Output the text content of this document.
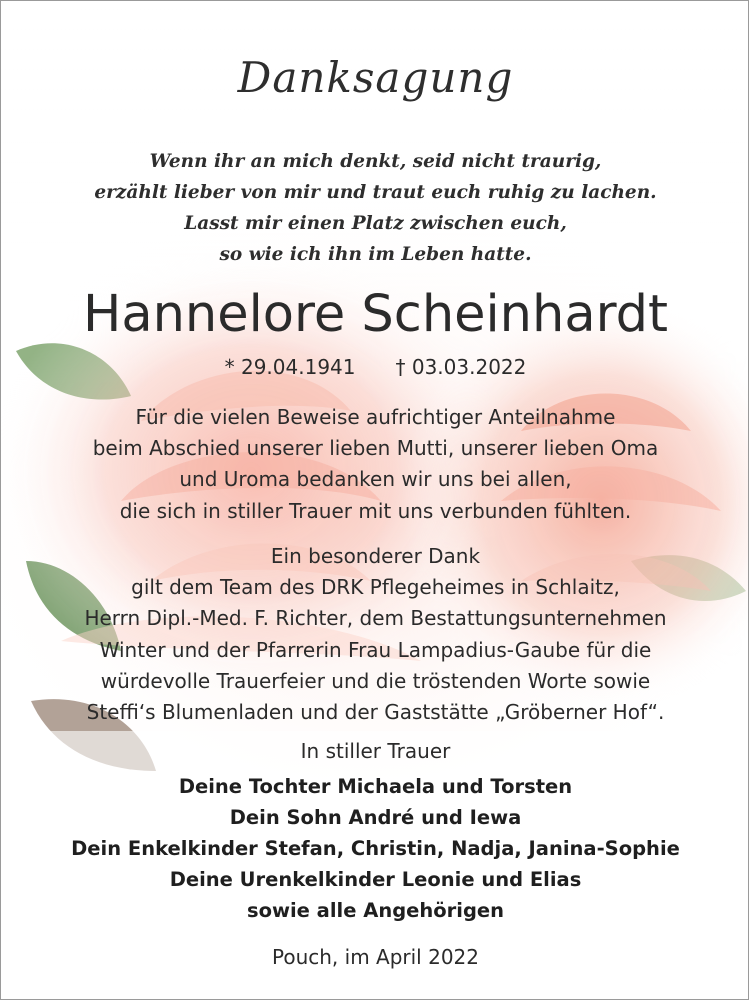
Danksagung
Wenn ihr an mich denkt, seid nicht traurig,
erzählt lieber von mir und traut euch ruhig zu lachen.
Lasst mir einen Platz zwischen euch,
so wie ich ihn im Leben hatte.
Hannelore Scheinhardt
* 29.04.1941 † 03.03.2022
Für die vielen Beweise aufrichtiger Anteilnahme
beim Abschied unserer lieben Mutti, unserer lieben Oma
und Uroma bedanken wir uns bei allen,
die sich in stiller Trauer mit uns verbunden fühlten.
Ein besonderer Dank
gilt dem Team des DRK Pflegeheimes in Schlaitz,
Herrn Dipl.-Med. F. Richter, dem Bestattungsunternehmen
Winter und der Pfarrerin Frau Lampadius-Gaube für die
würdevolle Trauerfeier und die tröstenden Worte sowie
Steffi‘s Blumenladen und der Gaststätte „Gröberner Hof“.
In stiller Trauer
Deine Tochter Michaela und Torsten
Dein Sohn André und Iewa
Dein Enkelkinder Stefan, Christin, Nadja, Janina-Sophie
Deine Urenkelkinder Leonie und Elias
sowie alle Angehörigen
Pouch, im April 2022
